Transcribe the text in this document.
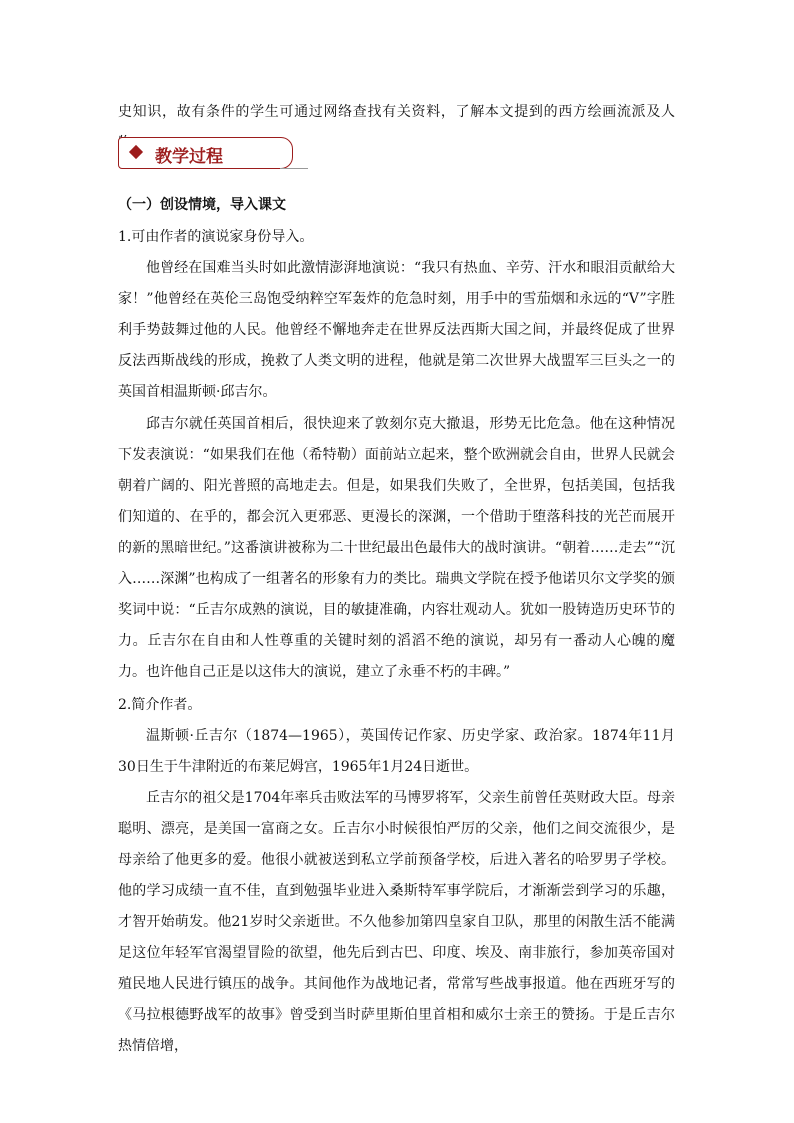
史知识，故有条件的学生可通过网络查找有关资料，了解本文提到的西方绘画流派及人

教学过程

（一）创设情境，导入课文

1.可由作者的演说家身份导入。

他曾经在国难当头时如此激情澎湃地演说：“我只有热血、辛劳、汗水和眼泪贡献给大家！”他曾经在英伦三岛饱受纳粹空军轰炸的危急时刻，用手中的雪茄烟和永远的“V”字胜利手势鼓舞过他的人民。他曾经不懈地奔走在世界反法西斯大国之间，并最终促成了世界反法西斯战线的形成，挽救了人类文明的进程，他就是第二次世界大战盟军三巨头之一的英国首相温斯顿·邱吉尔。

邱吉尔就任英国首相后，很快迎来了敦刻尔克大撤退，形势无比危急。他在这种情况下发表演说：“如果我们在他（希特勒）面前站立起来，整个欧洲就会自由，世界人民就会朝着广阔的、阳光普照的高地走去。但是，如果我们失败了，全世界，包括美国，包括我们知道的、在乎的，都会沉入更邪恶、更漫长的深渊，一个借助于堕落科技的光芒而展开的新的黑暗世纪。”这番演讲被称为二十世纪最出色最伟大的战时演讲。“朝着……走去”“沉入……深渊”也构成了一组著名的形象有力的类比。瑞典文学院在授予他诺贝尔文学奖的颁奖词中说：“丘吉尔成熟的演说，目的敏捷准确，内容壮观动人。犹如一股铸造历史环节的力。丘吉尔在自由和人性尊重的关键时刻的滔滔不绝的演说，却另有一番动人心魄的魔力。也许他自己正是以这伟大的演说，建立了永垂不朽的丰碑。”

2.简介作者。

温斯顿·丘吉尔（1874—1965），英国传记作家、历史学家、政治家。1874年11月30日生于牛津附近的布莱尼姆宫，1965年1月24日逝世。

丘吉尔的祖父是1704年率兵击败法军的马博罗将军，父亲生前曾任英财政大臣。母亲聪明、漂亮，是美国一富商之女。丘吉尔小时候很怕严厉的父亲，他们之间交流很少，是母亲给了他更多的爱。他很小就被送到私立学前预备学校，后进入著名的哈罗男子学校。他的学习成绩一直不佳，直到勉强毕业进入桑斯特军事学院后，才渐渐尝到学习的乐趣，才智开始萌发。他21岁时父亲逝世。不久他参加第四皇家自卫队，那里的闲散生活不能满足这位年轻军官渴望冒险的欲望，他先后到古巴、印度、埃及、南非旅行，参加英帝国对殖民地人民进行镇压的战争。其间他作为战地记者，常常写些战事报道。他在西班牙写的《马拉根德野战军的故事》曾受到当时萨里斯伯里首相和威尔士亲王的赞扬。于是丘吉尔热情倍增，
